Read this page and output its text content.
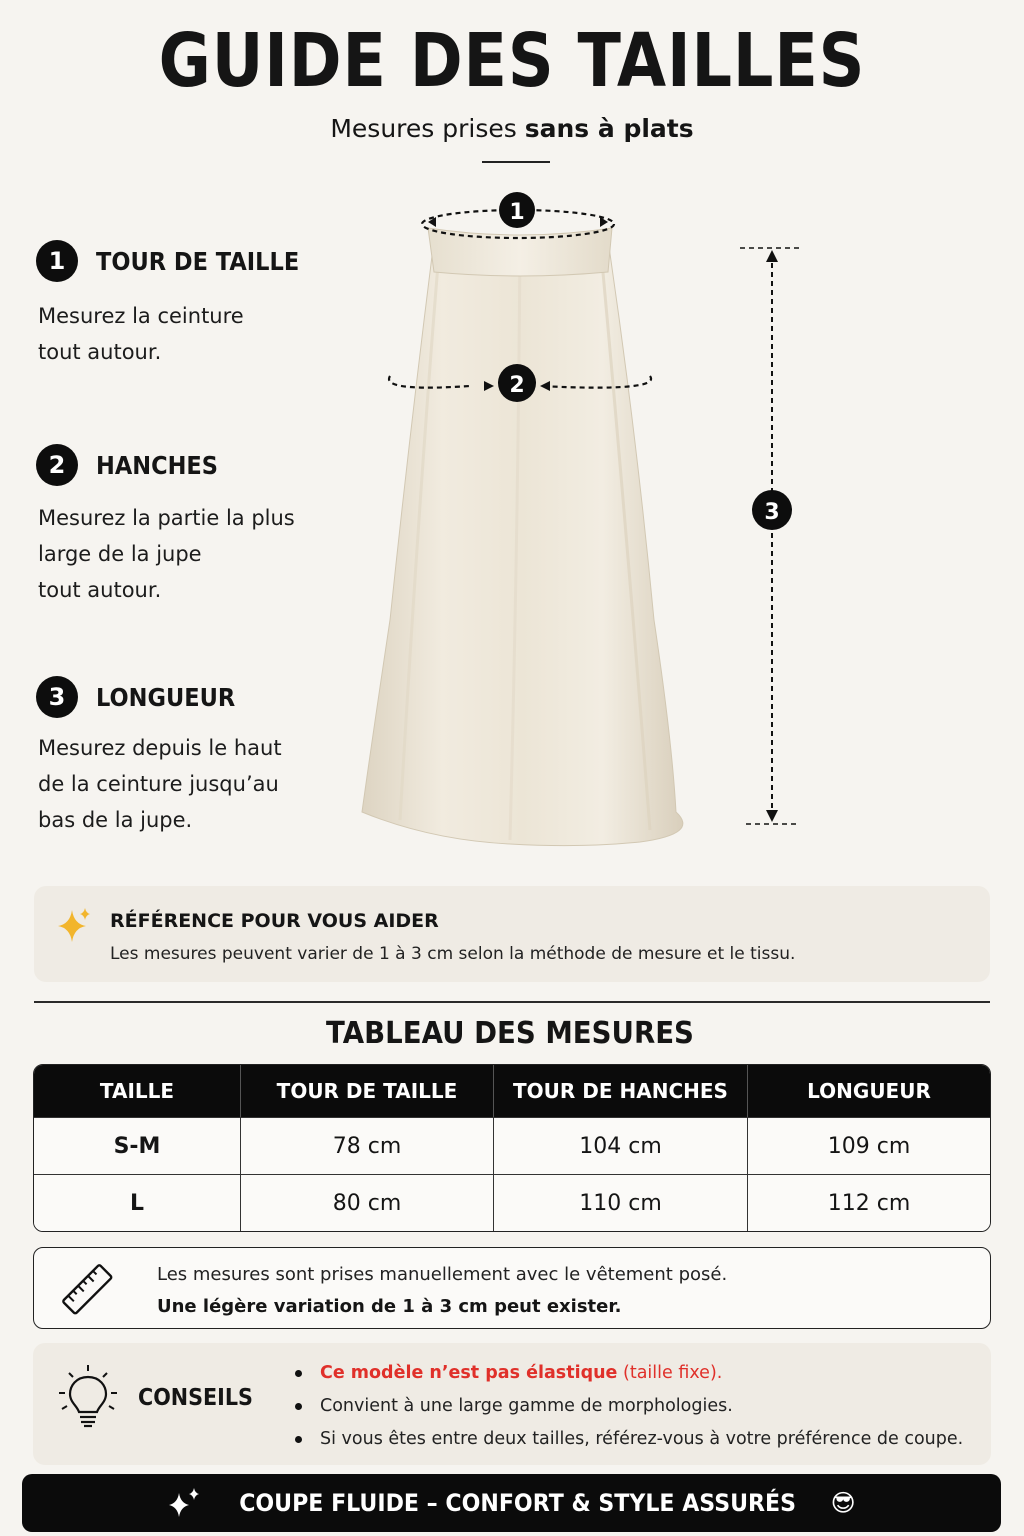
GUIDE DES TAILLES
Mesures prises sans à plats
1	TOUR DE TAILLE
Mesurez la ceinture
tout autour.
2	HANCHES
Mesurez la partie la plus
large de la jupe
tout autour.
3	LONGUEUR
Mesurez depuis le haut
de la ceinture jusqu’au
bas de la jupe.
1
2
3
RÉFÉRENCE POUR VOUS AIDER
Les mesures peuvent varier de 1 à 3 cm selon la méthode de mesure et le tissu.
TABLEAU DES MESURES
TAILLE	TOUR DE TAILLE	TOUR DE HANCHES	LONGUEUR
S-M	78 cm	104 cm	109 cm
L	80 cm	110 cm	112 cm
Les mesures sont prises manuellement avec le vêtement posé.
Une légère variation de 1 à 3 cm peut exister.
CONSEILS
Ce modèle n’est pas élastique (taille fixe).
Convient à une large gamme de morphologies.
Si vous êtes entre deux tailles, référez-vous à votre préférence de coupe.
COUPE FLUIDE – CONFORT & STYLE ASSURÉS 😎
